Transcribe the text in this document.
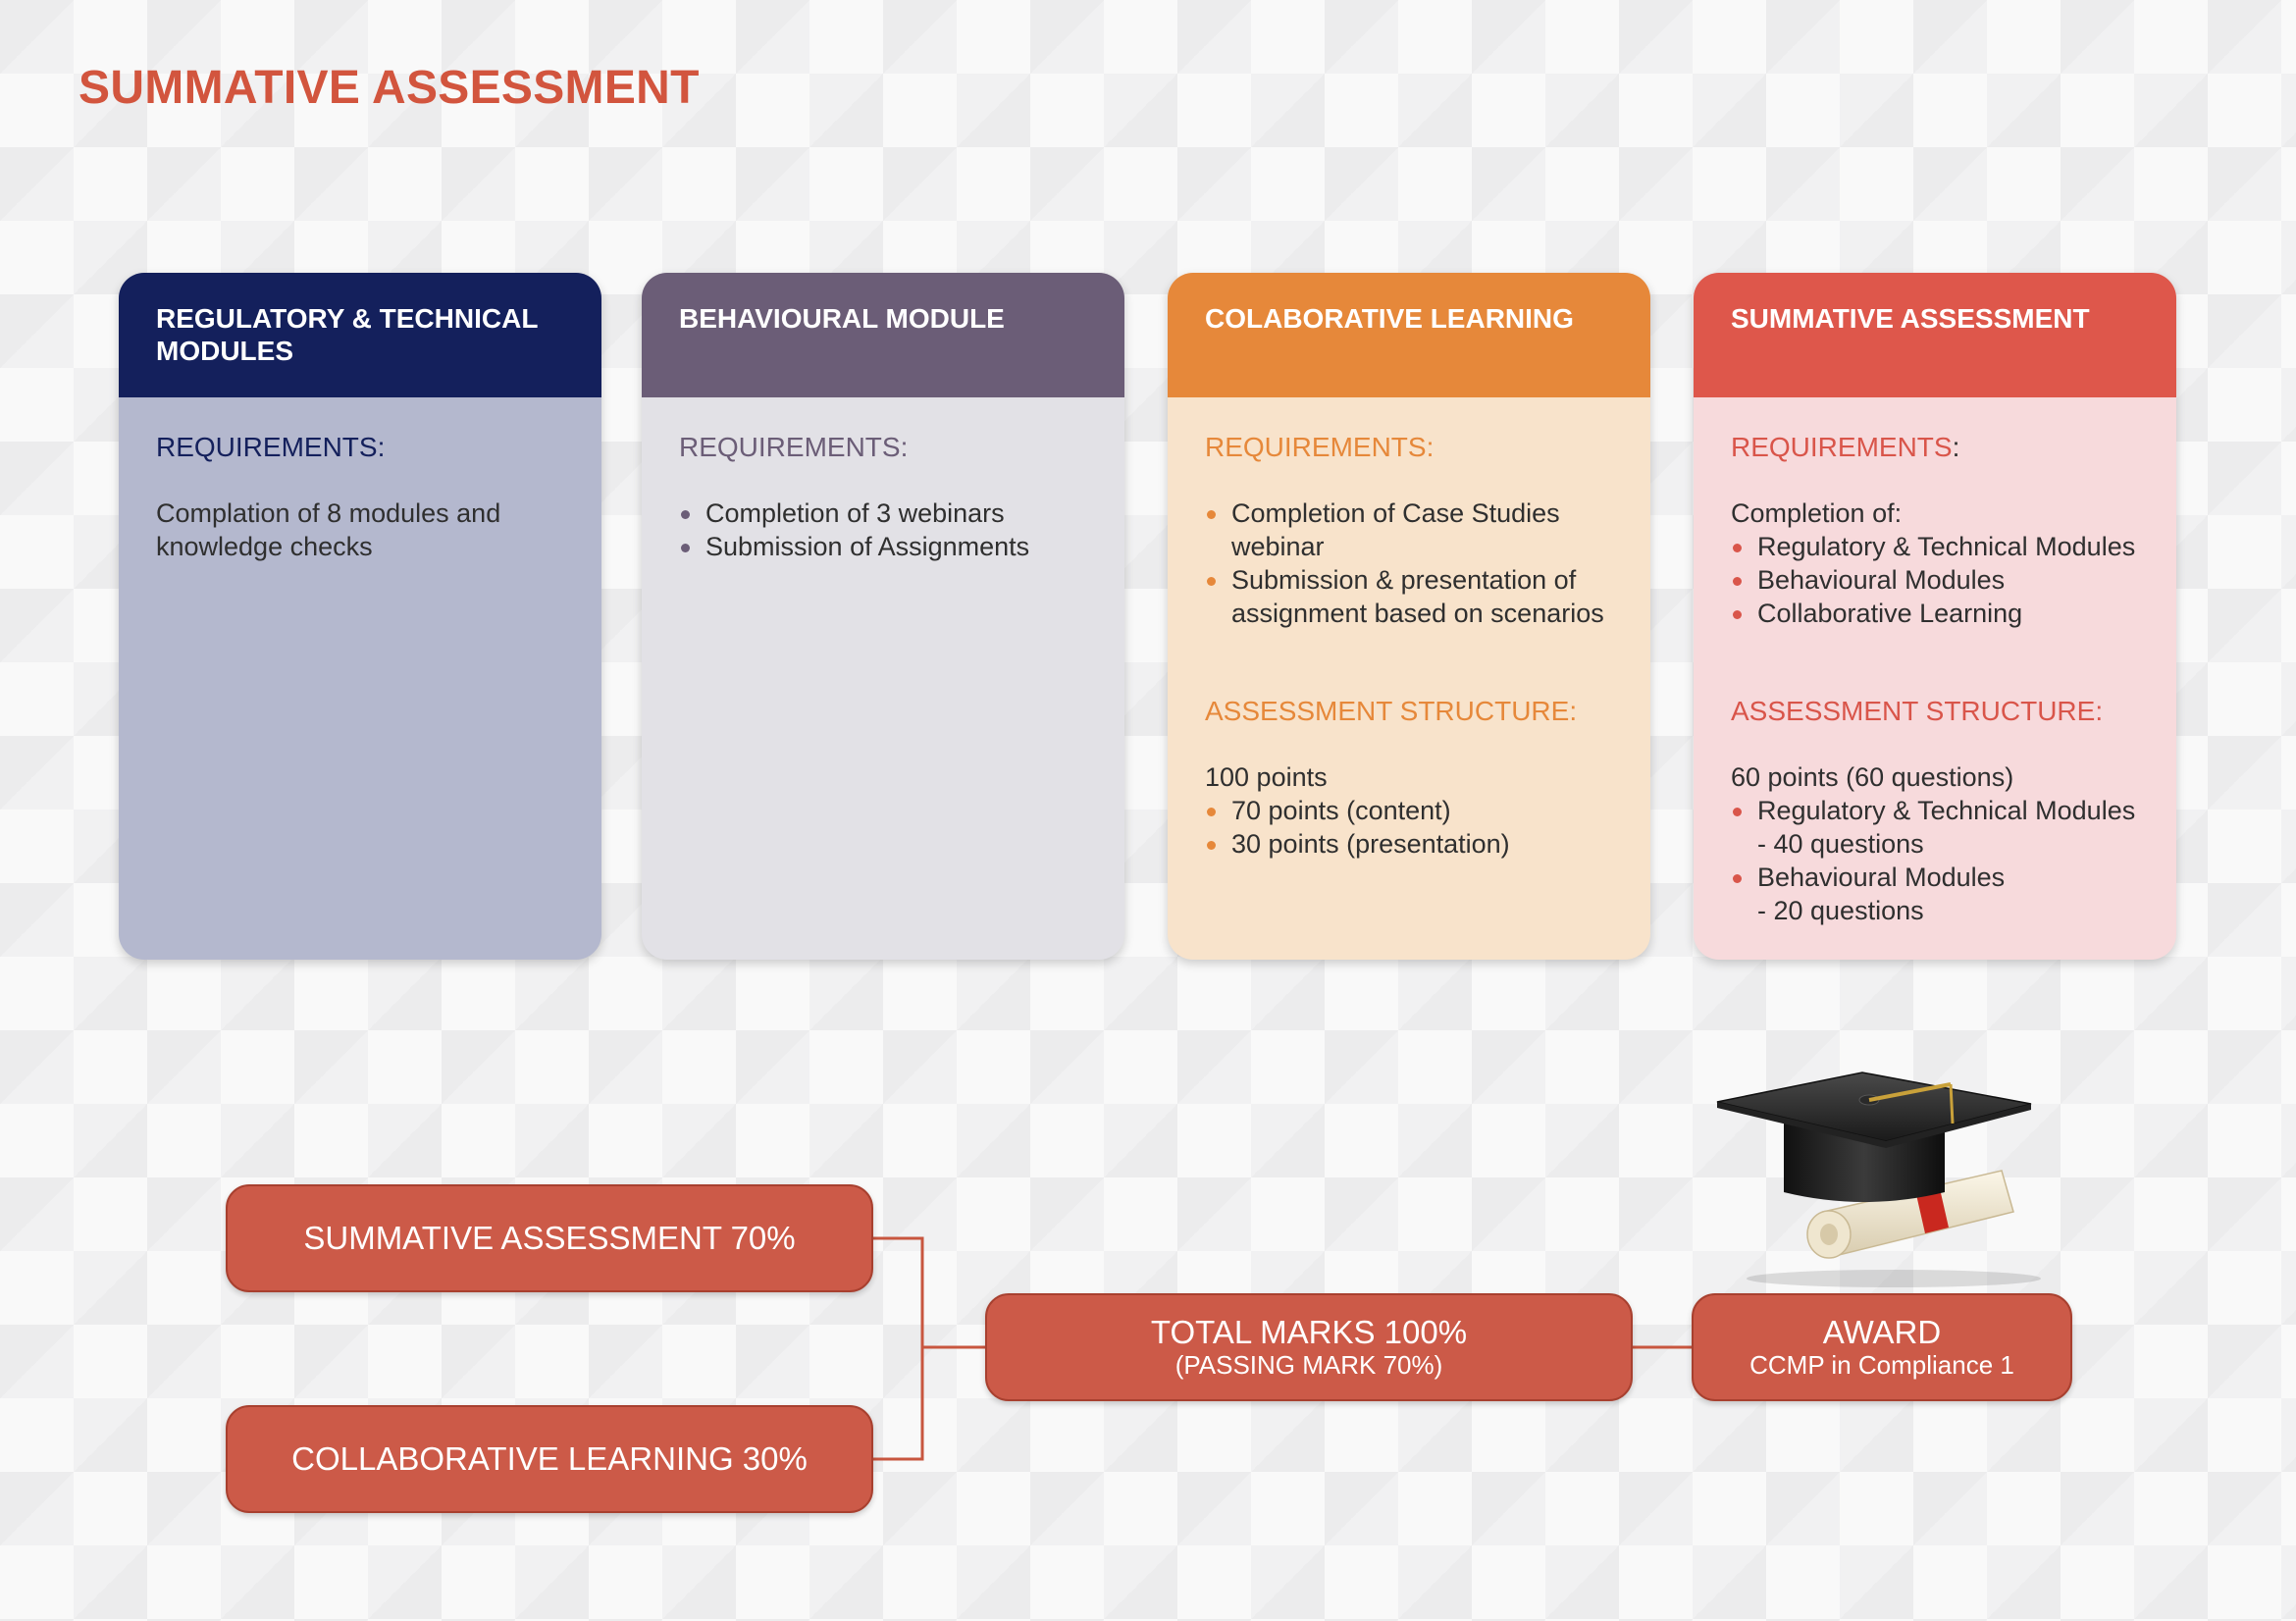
SUMMATIVE ASSESSMENT
REGULATORY & TECHNICAL MODULES
REQUIREMENTS:

Complation of 8 modules and knowledge checks

BEHAVIOURAL MODULE
REQUIREMENTS:
Completion of 3 webinars
Submission of Assignments
COLABORATIVE LEARNING
REQUIREMENTS:
Completion of Case Studies webinar
Submission & presentation of assignment based on scenarios
ASSESSMENT STRUCTURE:

100 points

70 points (content)
30 points (presentation)
SUMMATIVE ASSESSMENT
REQUIREMENTS:

Completion of:

Regulatory & Technical Modules
Behavioural Modules
Collaborative Learning
ASSESSMENT STRUCTURE:

60 points (60 questions)

Regulatory & Technical Modules
- 40 questions
Behavioural Modules
- 20 questions
SUMMATIVE ASSESSMENT 70%
COLLABORATIVE LEARNING 30%
TOTAL MARKS 100%
(PASSING MARK 70%)
AWARD
CCMP in Compliance 1
